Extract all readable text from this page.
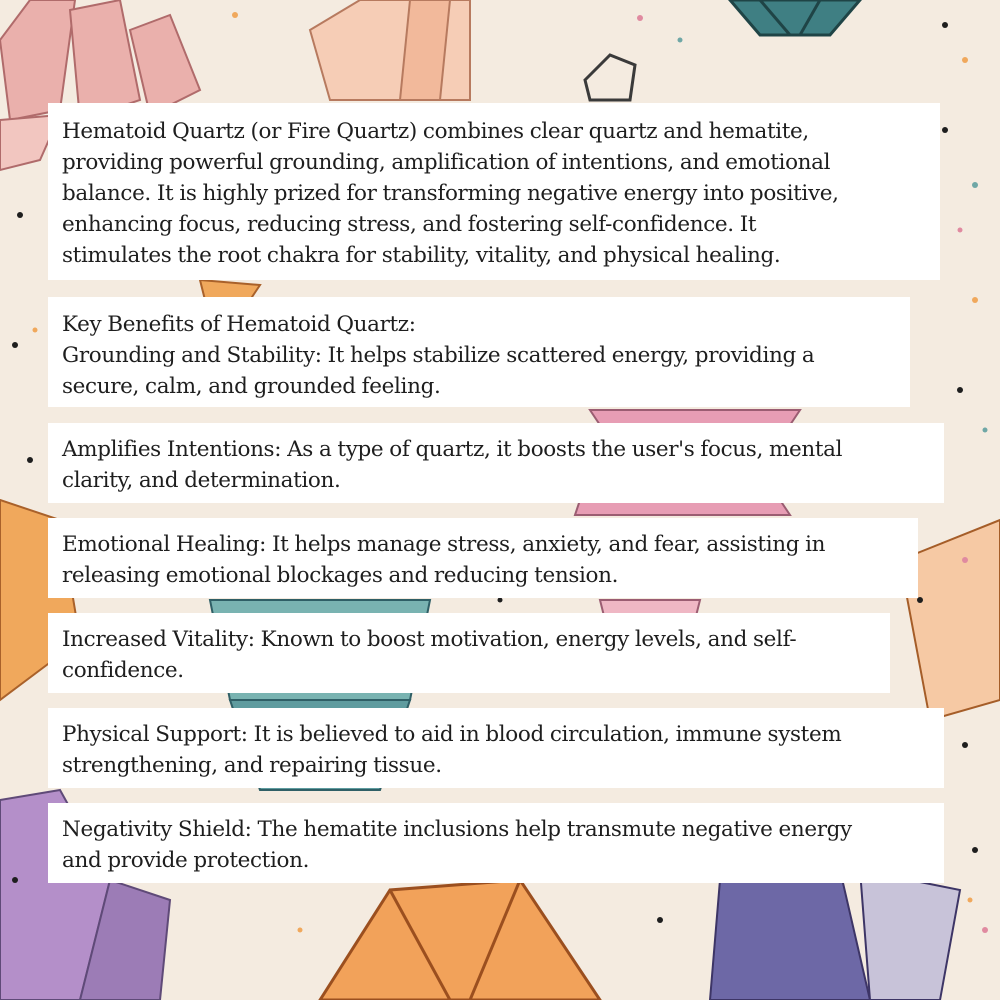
Hematoid Quartz (or Fire Quartz) combines clear quartz and hematite,
providing powerful grounding, amplification of intentions, and emotional
balance. It is highly prized for transforming negative energy into positive,
enhancing focus, reducing stress, and fostering self-confidence. It
stimulates the root chakra for stability, vitality, and physical healing.
Key Benefits of Hematoid Quartz:
Grounding and Stability: It helps stabilize scattered energy, providing a
secure, calm, and grounded feeling.
Amplifies Intentions: As a type of quartz, it boosts the user's focus, mental
clarity, and determination.
Emotional Healing: It helps manage stress, anxiety, and fear, assisting in
releasing emotional blockages and reducing tension.
Increased Vitality: Known to boost motivation, energy levels, and self-
confidence.
Physical Support: It is believed to aid in blood circulation, immune system
strengthening, and repairing tissue.
Negativity Shield: The hematite inclusions help transmute negative energy
and provide protection.
